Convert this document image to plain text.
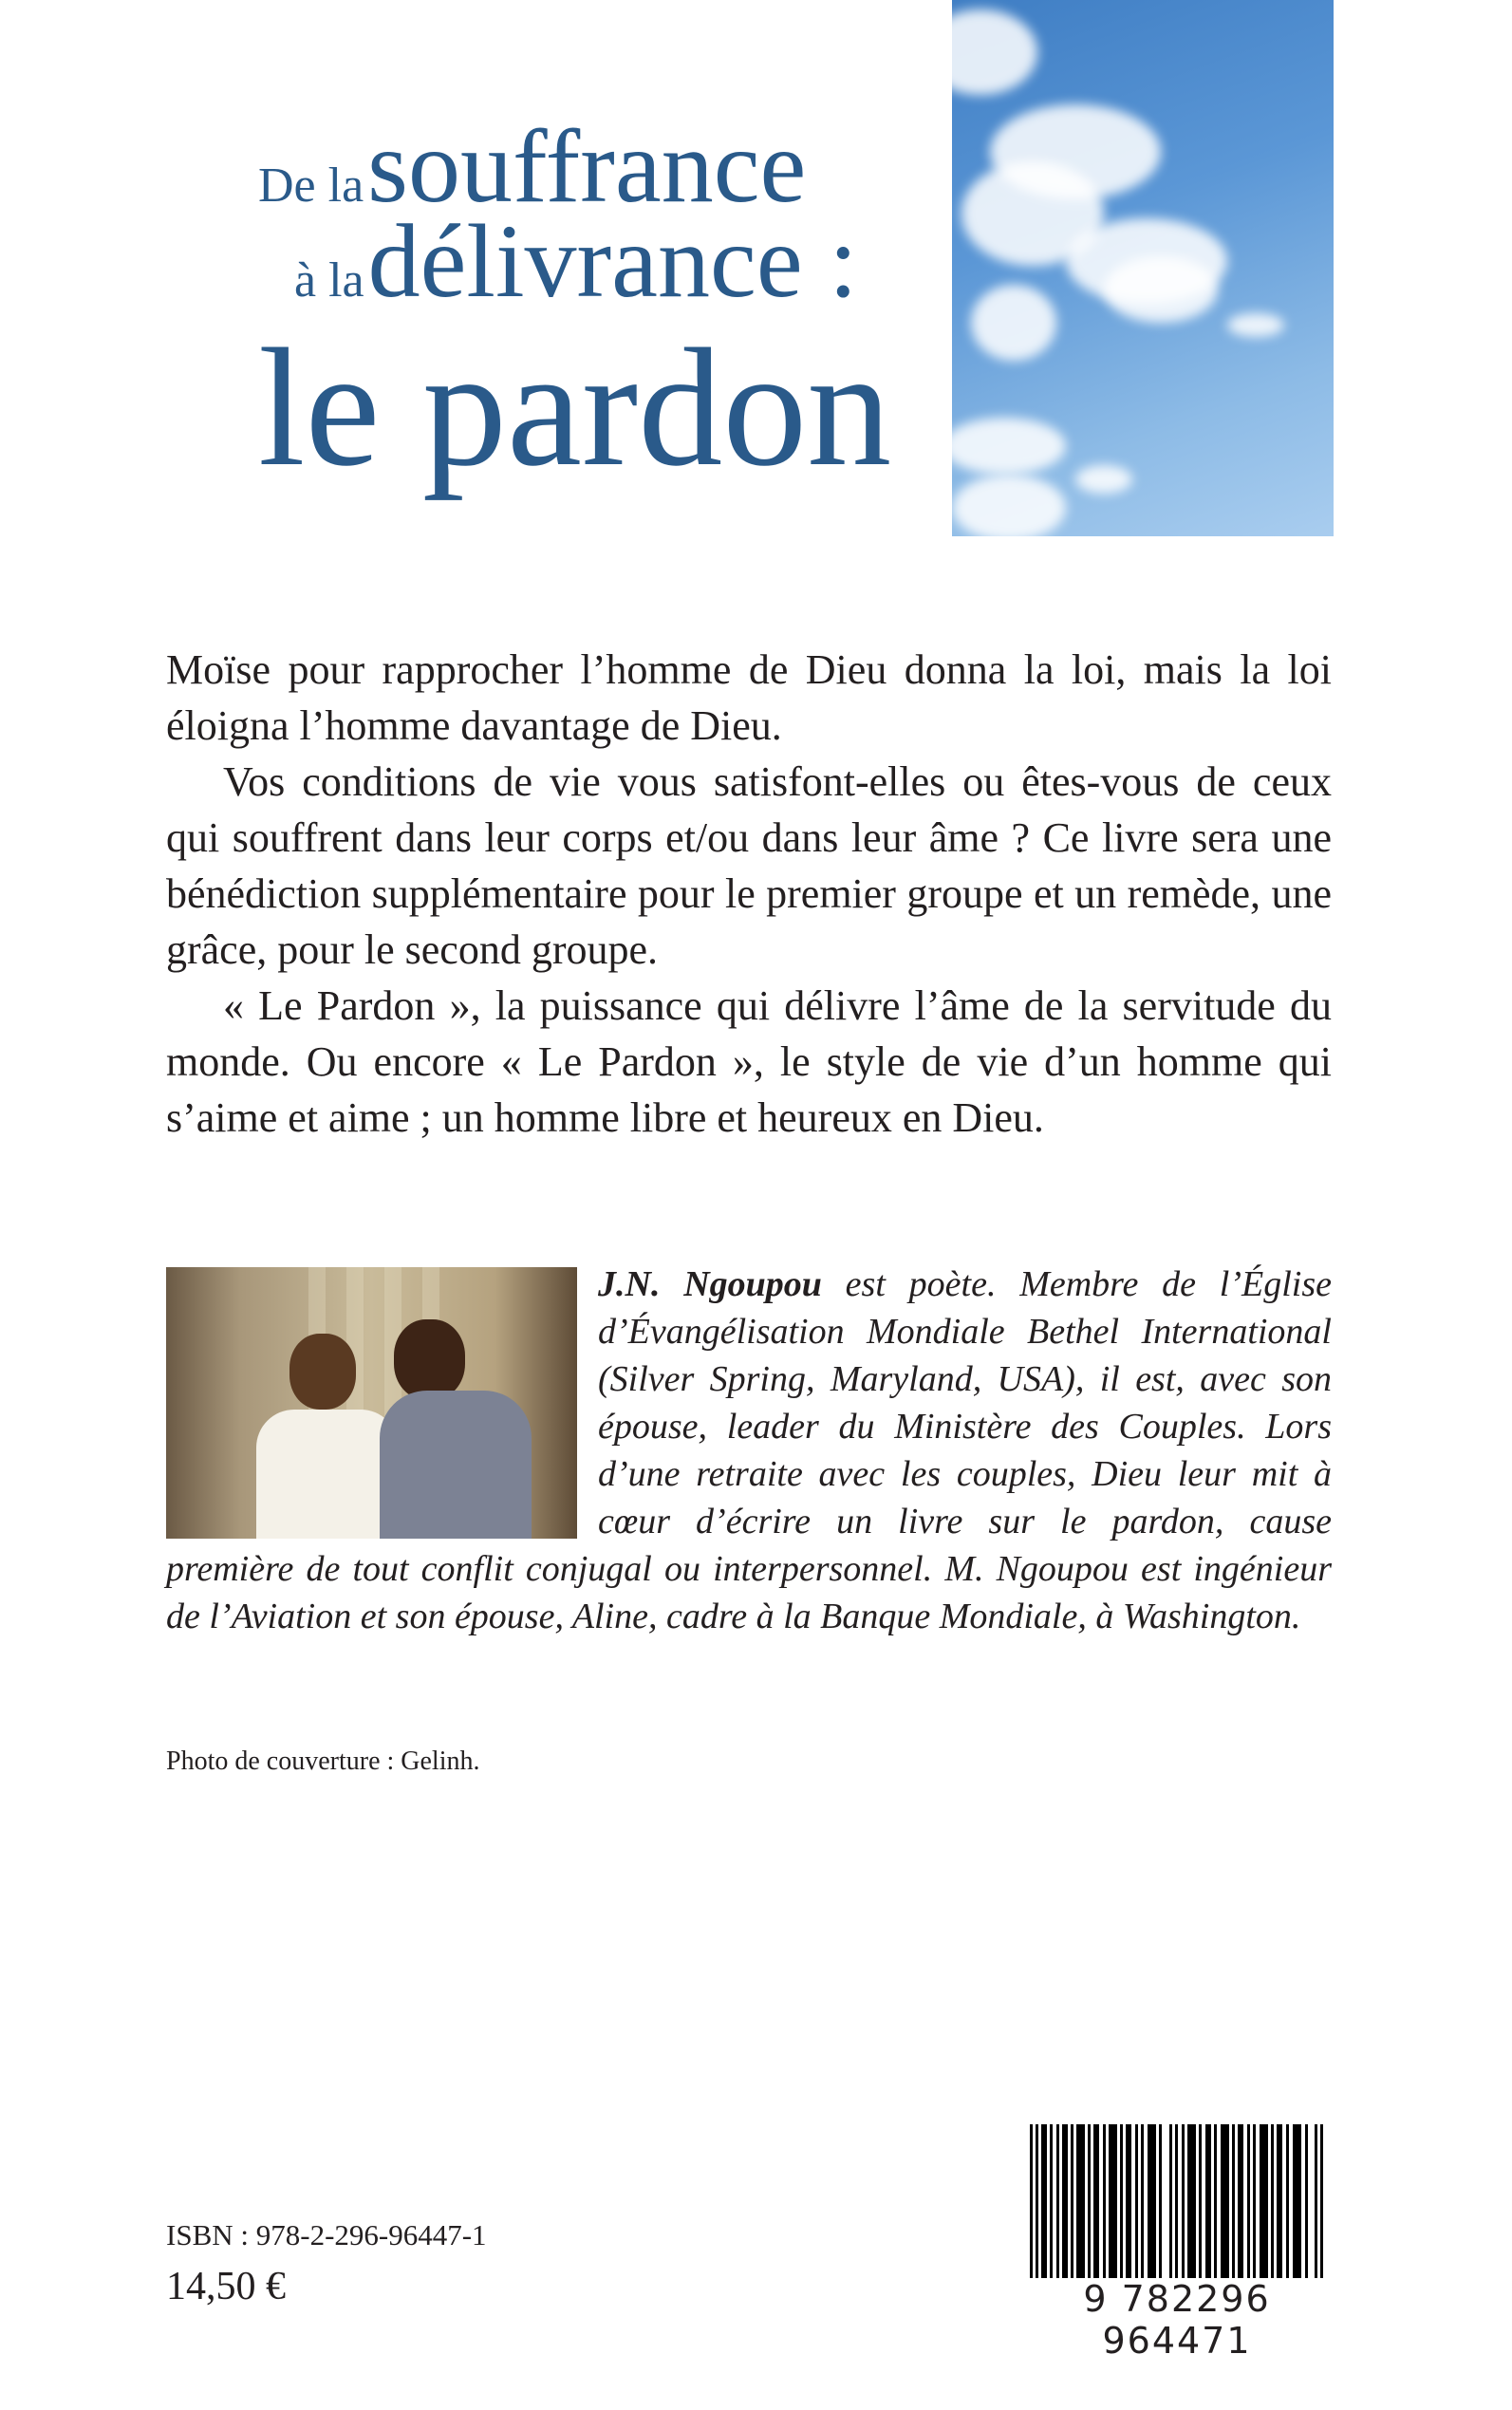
De la souffrance
à la délivrance :
le pardon

Moïse pour rapprocher l’homme de Dieu donna la loi, mais la loi éloigna l’homme davantage de Dieu.

Vos conditions de vie vous satisfont-elles ou êtes-vous de ceux qui souffrent dans leur corps et/ou dans leur âme ? Ce livre sera une bénédiction supplémentaire pour le premier groupe et un remède, une grâce, pour le second groupe.

« Le Pardon », la puissance qui délivre l’âme de la servitude du monde. Ou encore « Le Pardon », le style de vie d’un homme qui s’aime et aime ; un homme libre et heureux en Dieu.

J.N. Ngoupou est poète. Membre de l’Église d’Évangélisation Mondiale Bethel International (Silver Spring, Maryland, USA), il est, avec son épouse, leader du Ministère des Couples. Lors d’une retraite avec les couples, Dieu leur mit à cœur d’écrire un livre sur le pardon, cause première de tout conflit conjugal ou interpersonnel. M. Ngoupou est ingénieur de l’Aviation et son épouse, Aline, cadre à la Banque Mondiale, à Washington.
Photo de couverture : Gelinh.
ISBN : 978-2-296-96447-1
14,50 €	9 782296 964471
